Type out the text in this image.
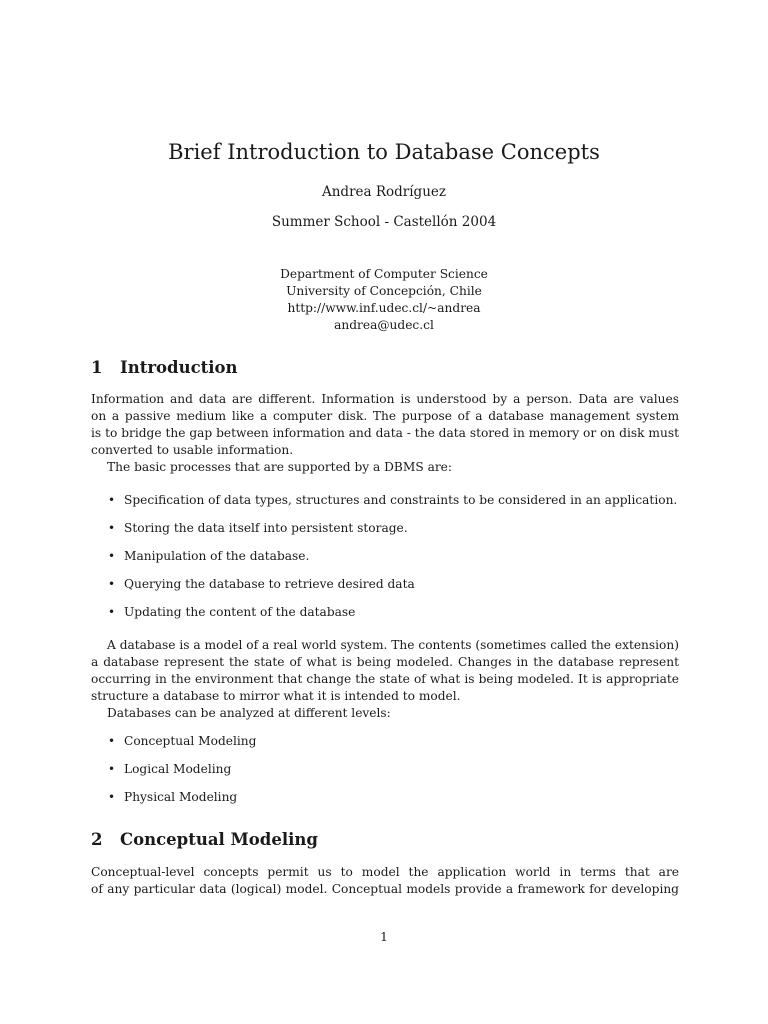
Brief Introduction to Database Concepts
Andrea Rodríguez
Summer School - Castellón 2004
Department of Computer Science
University of Concepción, Chile
http://www.inf.udec.cl/~andrea
andrea@udec.cl
1 Introduction
Information and data are different. Information is understood by a person. Data are values
on a passive medium like a computer disk. The purpose of a database management system
is to bridge the gap between information and data - the data stored in memory or on disk must
converted to usable information.
The basic processes that are supported by a DBMS are:
• Specification of data types, structures and constraints to be considered in an application.
• Storing the data itself into persistent storage.
• Manipulation of the database.
• Querying the database to retrieve desired data
• Updating the content of the database
A database is a model of a real world system. The contents (sometimes called the extension)
a database represent the state of what is being modeled. Changes in the database represent
occurring in the environment that change the state of what is being modeled. It is appropriate
structure a database to mirror what it is intended to model.
Databases can be analyzed at different levels:
• Conceptual Modeling
• Logical Modeling
• Physical Modeling
2 Conceptual Modeling
Conceptual-level concepts permit us to model the application world in terms that are
of any particular data (logical) model. Conceptual models provide a framework for developing
1
